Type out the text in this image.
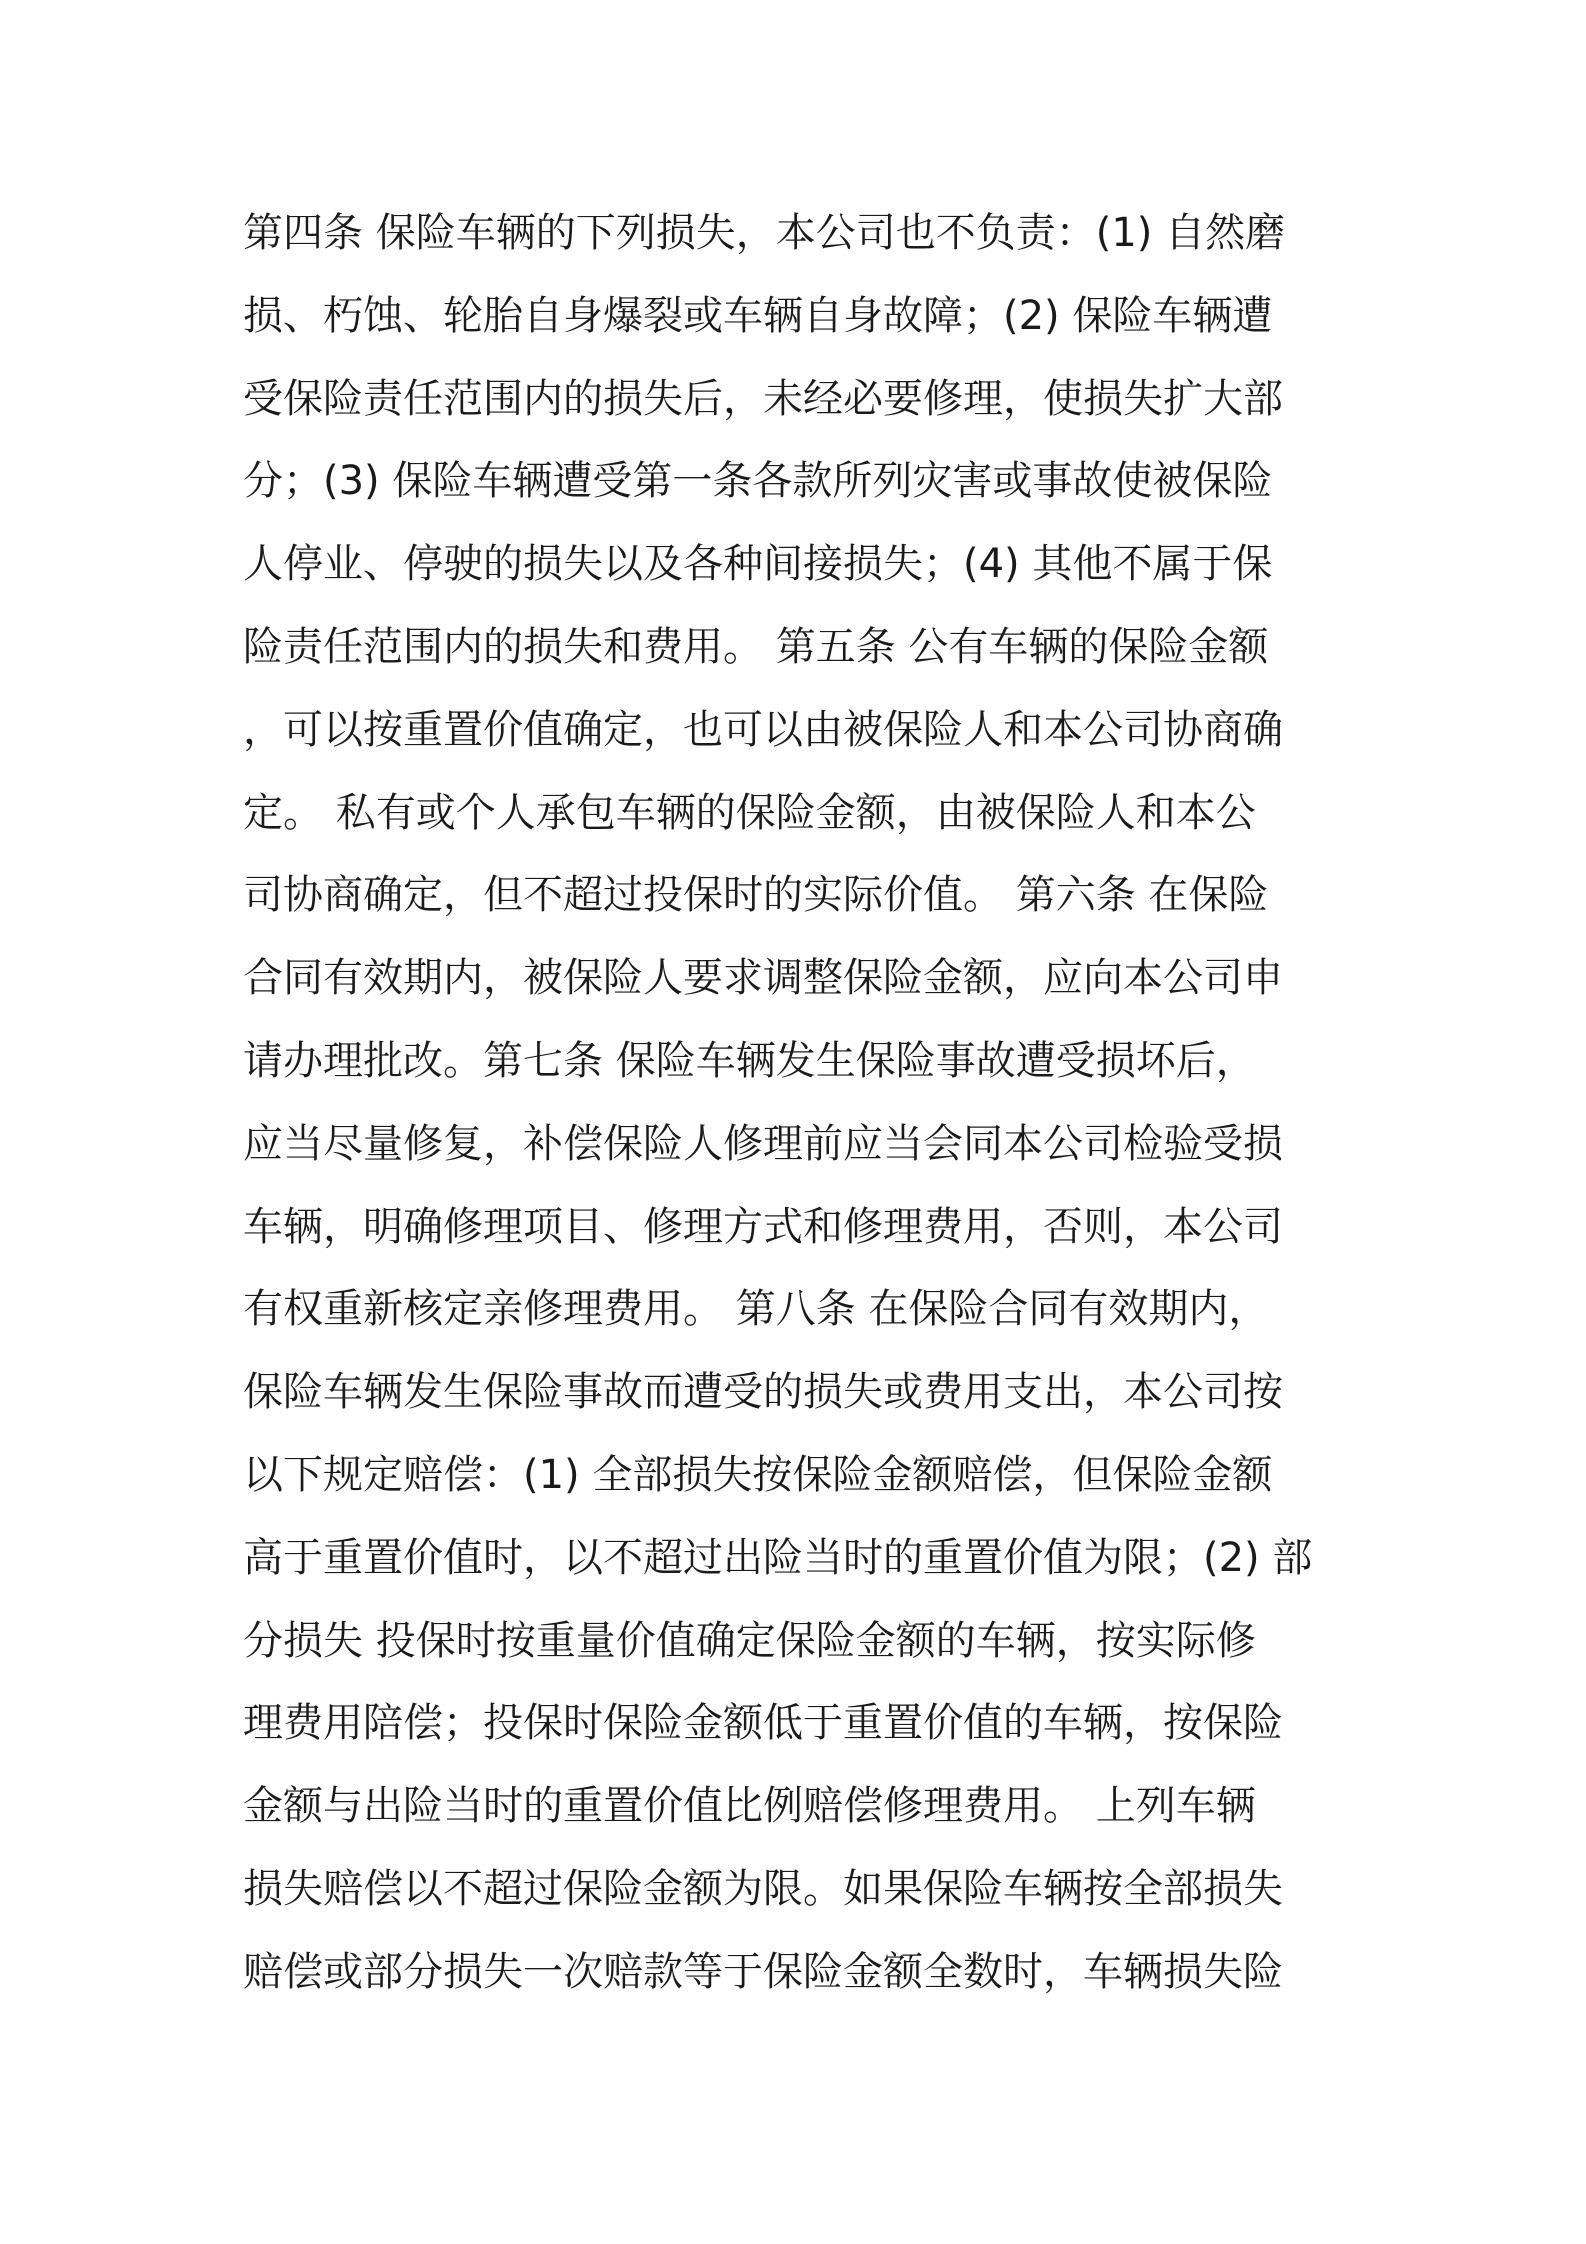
第四条 保险车辆的下列损失，本公司也不负责：(1) 自然磨
损、朽蚀、轮胎自身爆裂或车辆自身故障；(2) 保险车辆遭
受保险责任范围内的损失后，未经必要修理，使损失扩大部
分；(3) 保险车辆遭受第一条各款所列灾害或事故使被保险
人停业、停驶的损失以及各种间接损失；(4) 其他不属于保
险责任范围内的损失和费用。 第五条 公有车辆的保险金额
，可以按重置价值确定，也可以由被保险人和本公司协商确
定。 私有或个人承包车辆的保险金额，由被保险人和本公
司协商确定，但不超过投保时的实际价值。 第六条 在保险
合同有效期内，被保险人要求调整保险金额，应向本公司申
请办理批改。第七条 保险车辆发生保险事故遭受损坏后，
应当尽量修复，补偿保险人修理前应当会同本公司检验受损
车辆，明确修理项目、修理方式和修理费用，否则，本公司
有权重新核定亲修理费用。 第八条 在保险合同有效期内，
保险车辆发生保险事故而遭受的损失或费用支出，本公司按
以下规定赔偿：(1) 全部损失按保险金额赔偿，但保险金额
高于重置价值时，以不超过出险当时的重置价值为限；(2) 部
分损失 投保时按重量价值确定保险金额的车辆，按实际修
理费用陪偿；投保时保险金额低于重置价值的车辆，按保险
金额与出险当时的重置价值比例赔偿修理费用。 上列车辆
损失赔偿以不超过保险金额为限。如果保险车辆按全部损失
赔偿或部分损失一次赔款等于保险金额全数时，车辆损失险
